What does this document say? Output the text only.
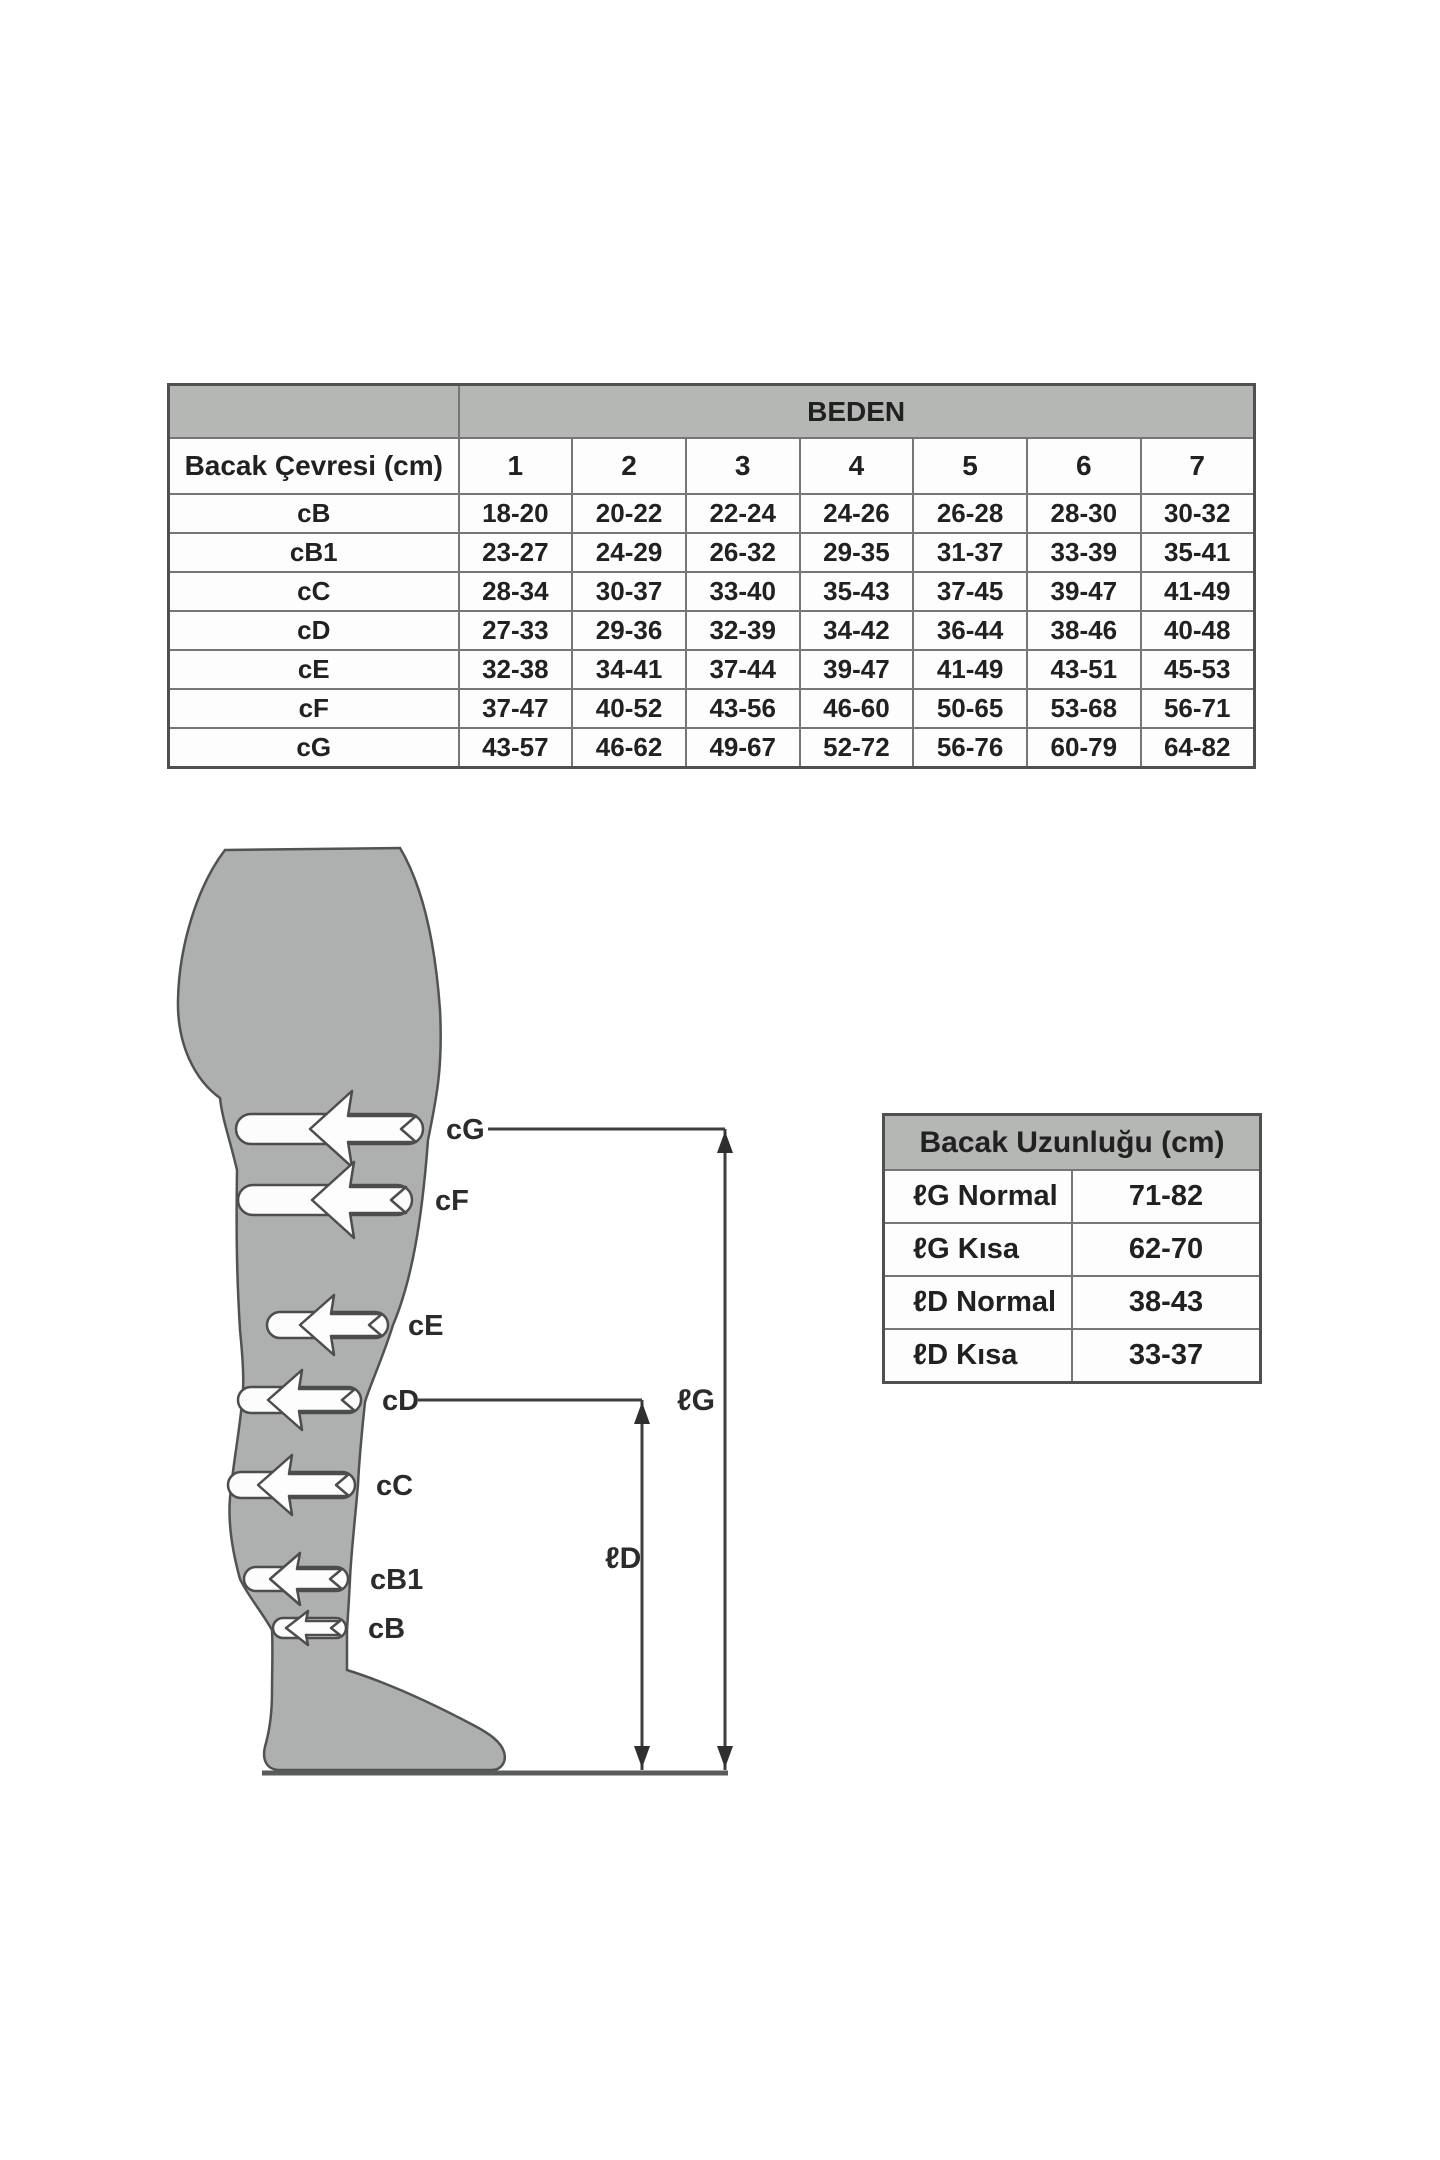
	BEDEN						
Bacak Çevresi (cm)	1	2	3	4	5	6	7
cB	18-20	20-22	22-24	24-26	26-28	28-30	30-32
cB1	23-27	24-29	26-32	29-35	31-37	33-39	35-41
cC	28-34	30-37	33-40	35-43	37-45	39-47	41-49
cD	27-33	29-36	32-39	34-42	36-44	38-46	40-48
cE	32-38	34-41	37-44	39-47	41-49	43-51	45-53
cF	37-47	40-52	43-56	46-60	50-65	53-68	56-71
cG	43-57	46-62	49-67	52-72	56-76	60-79	64-82
cG
cF
cE
cD
cC
cB1
cB
ℓG
ℓD
Bacak Uzunluğu (cm)	
ℓG Normal	71-82
ℓG Kısa	62-70
ℓD Normal	38-43
ℓD Kısa	33-37
